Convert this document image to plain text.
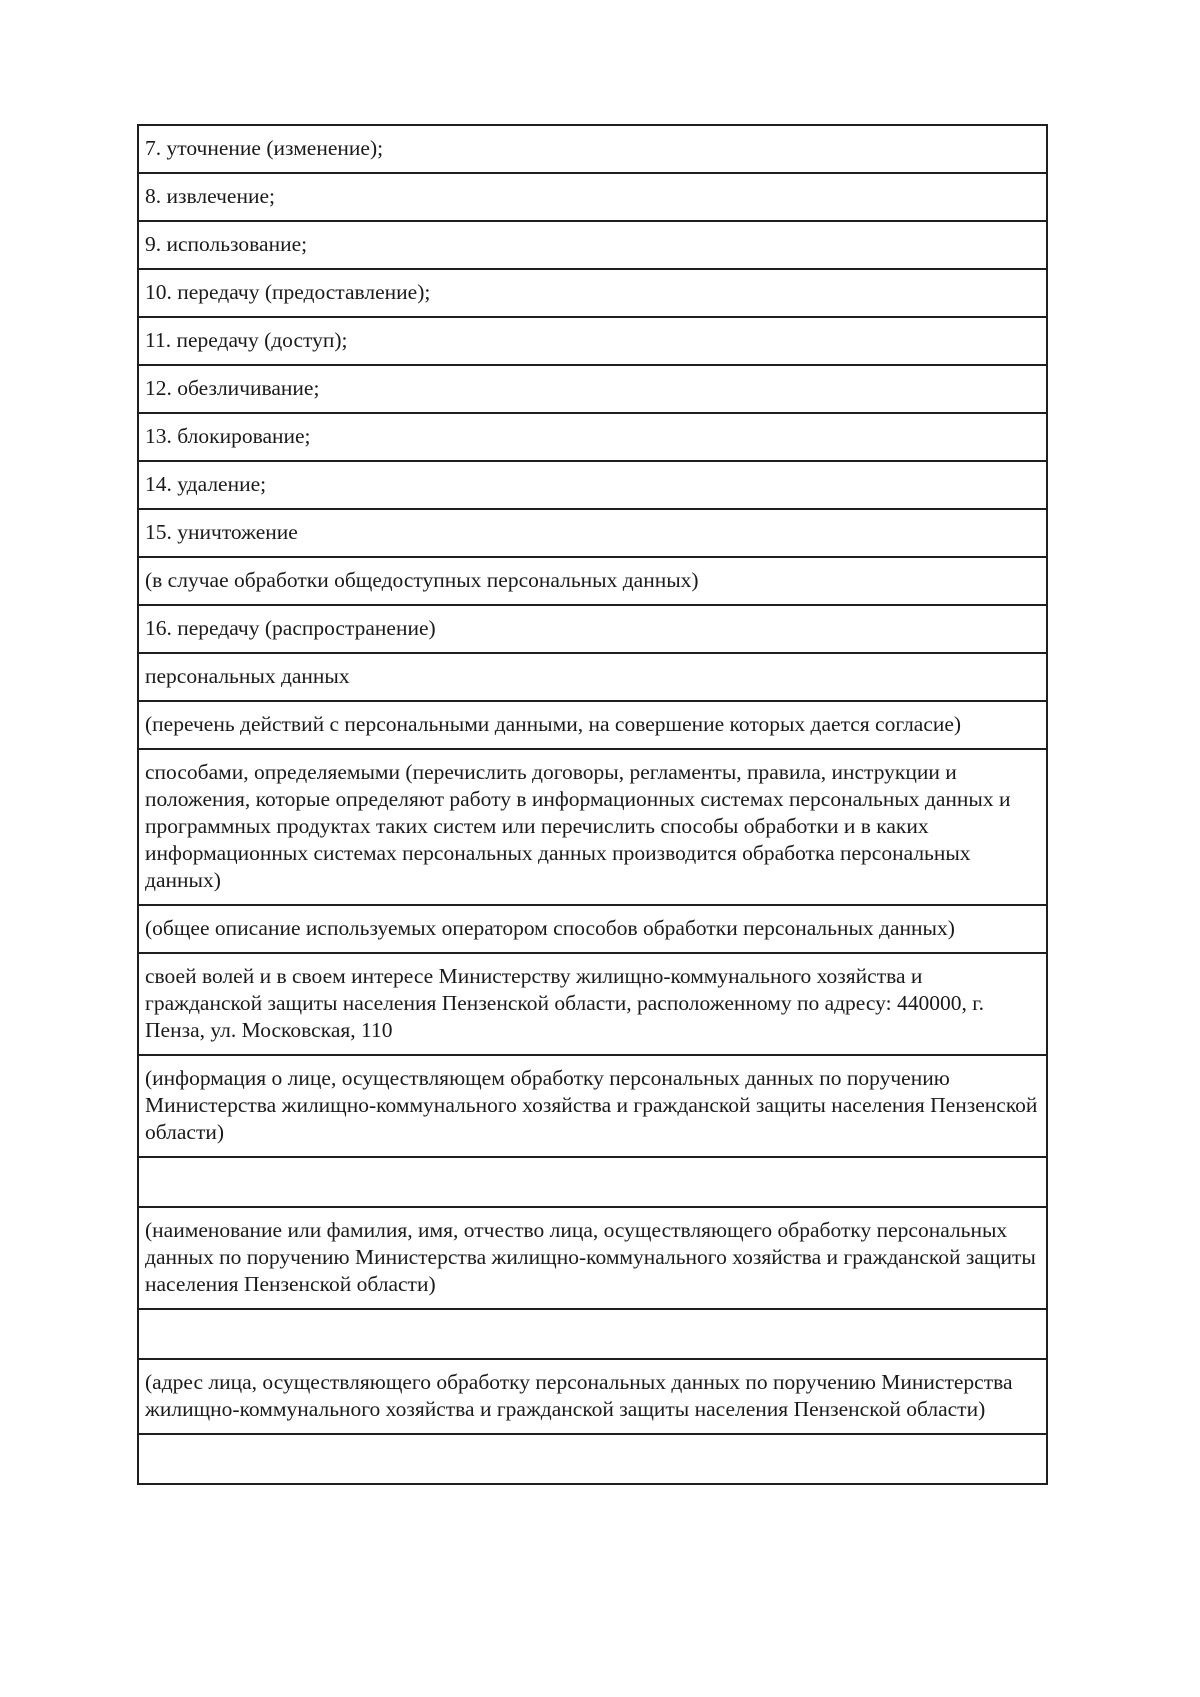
7. уточнение (изменение);
8. извлечение;
9. использование;
10. передачу (предоставление);
11. передачу (доступ);
12. обезличивание;
13. блокирование;
14. удаление;
15. уничтожение
(в случае обработки общедоступных персональных данных)
16. передачу (распространение)
персональных данных
(перечень действий с персональными данными, на совершение которых дается согласие)
способами, определяемыми (перечислить договоры, регламенты, правила, инструкции и положения, которые определяют работу в информационных системах персональных данных и программных продуктах таких систем или перечислить способы обработки и в каких информационных системах персональных данных производится обработка персональных данных)
(общее описание используемых оператором способов обработки персональных данных)
своей волей и в своем интересе Министерству жилищно-коммунального хозяйства и гражданской защиты населения Пензенской области, расположенному по адресу: 440000, г. Пенза, ул. Московская, 110
(информация о лице, осуществляющем обработку персональных данных по поручению Министерства жилищно-коммунального хозяйства и гражданской защиты населения Пензенской области)

(наименование или фамилия, имя, отчество лица, осуществляющего обработку персональных данных по поручению Министерства жилищно-коммунального хозяйства и гражданской защиты населения Пензенской области)

(адрес лица, осуществляющего обработку персональных данных по поручению Министерства жилищно-коммунального хозяйства и гражданской защиты населения Пензенской области)
